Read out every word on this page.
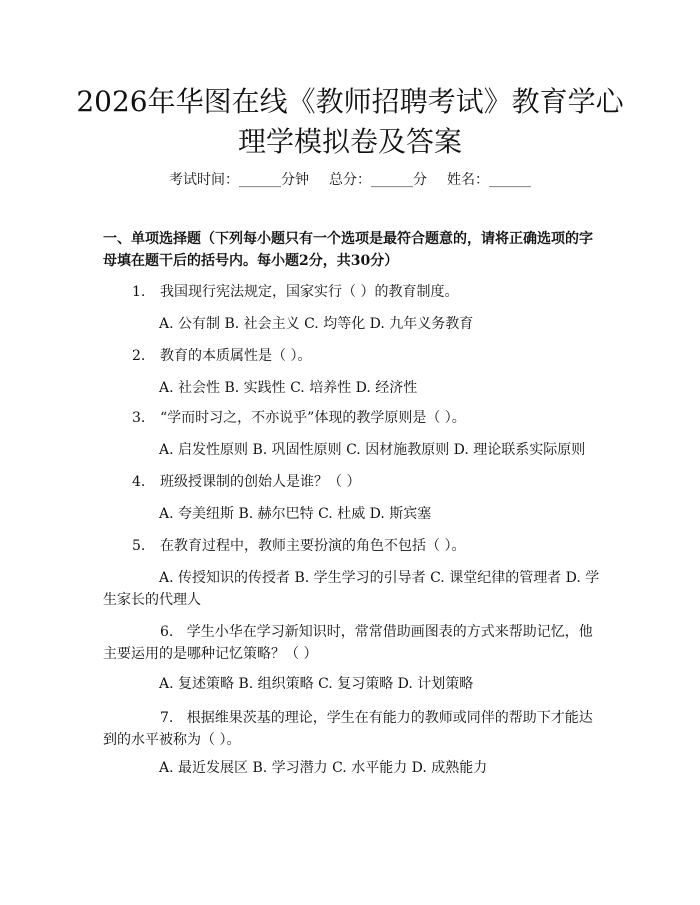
2026年华图在线《教师招聘考试》教育学心理学模拟卷及答案
考试时间：______分钟 总分：______分 姓名：______

一、单项选择题（下列每小题只有一个选项是最符合题意的，请将正确选项的字母填在题干后的括号内。每小题2分，共30分）

1. 我国现行宪法规定，国家实行（ ）的教育制度。

A. 公有制 B. 社会主义 C. 均等化 D. 九年义务教育

2. 教育的本质属性是（ ）。

A. 社会性 B. 实践性 C. 培养性 D. 经济性

3. “学而时习之，不亦说乎”体现的教学原则是（ ）。

A. 启发性原则 B. 巩固性原则 C. 因材施教原则 D. 理论联系实际原则

4. 班级授课制的创始人是谁？（ ）

A. 夸美纽斯 B. 赫尔巴特 C. 杜威 D. 斯宾塞

5. 在教育过程中，教师主要扮演的角色不包括（ ）。

A. 传授知识的传授者 B. 学生学习的引导者 C. 课堂纪律的管理者 D. 学生家长的代理人

6. 学生小华在学习新知识时，常常借助画图表的方式来帮助记忆，他主要运用的是哪种记忆策略？（ ）

A. 复述策略 B. 组织策略 C. 复习策略 D. 计划策略

7. 根据维果茨基的理论，学生在有能力的教师或同伴的帮助下才能达到的水平被称为（ ）。

A. 最近发展区 B. 学习潜力 C. 水平能力 D. 成熟能力
